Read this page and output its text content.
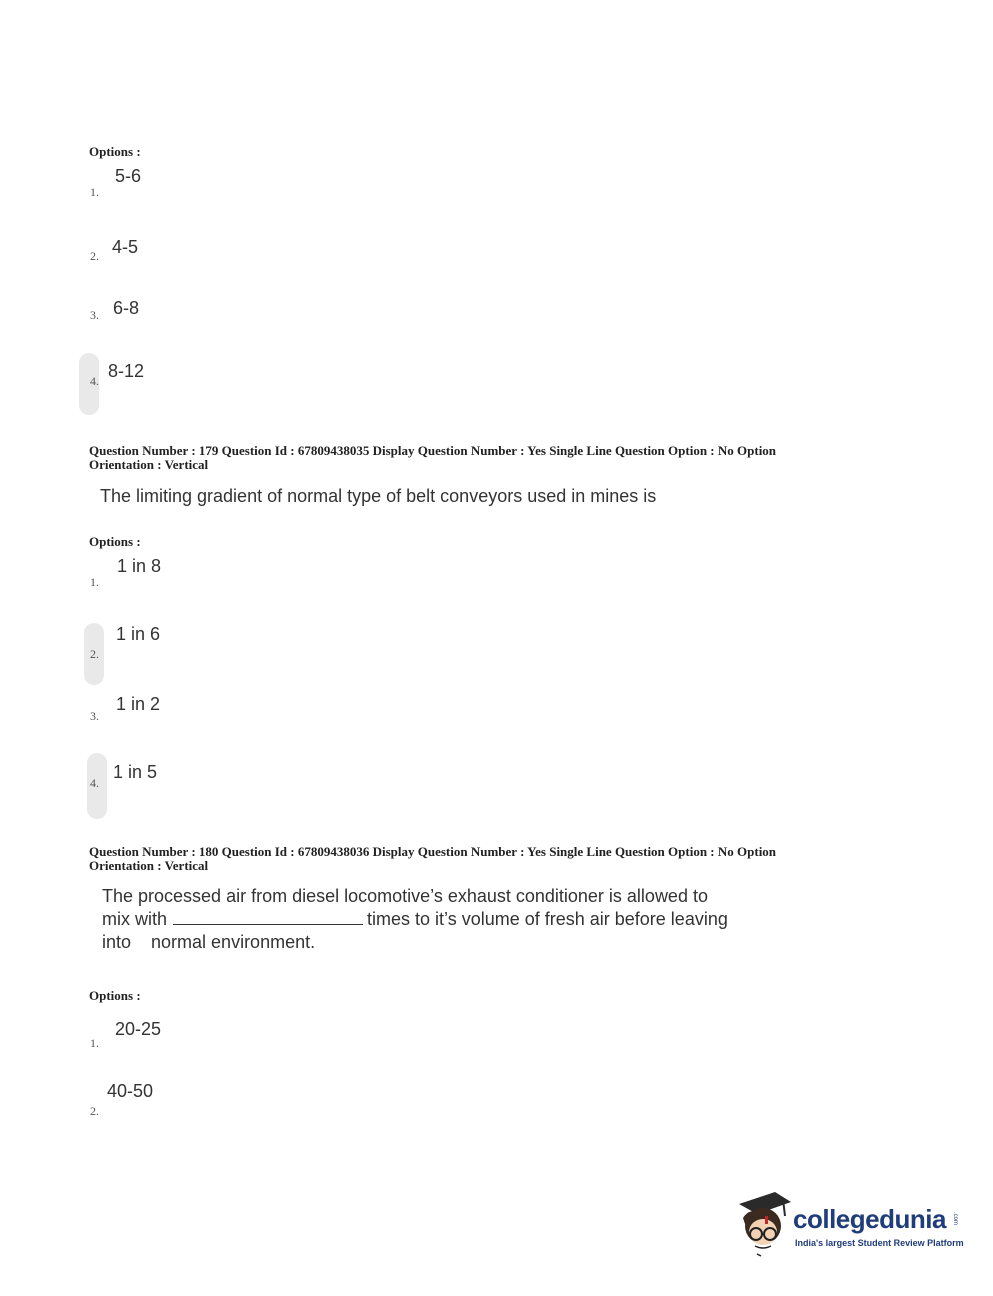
Options :
1.
5-6
2. 4-5
3. 6-8
4. 8-12
Question Number : 179 Question Id : 67809438035 Display Question Number : Yes Single Line Question Option : No Option
Orientation : Vertical
The limiting gradient of normal type of belt conveyors used in mines is
Options :
1.
1 in 8
2.
1 in 6
3.
1 in 2
4.
1 in 5
Question Number : 180 Question Id : 67809438036 Display Question Number : Yes Single Line Question Option : No Option
Orientation : Vertical
The processed air from diesel locomotive’s exhaust conditioner is allowed to
mix with	times to it’s volume of fresh air before leaving
into    normal environment.
Options :
1.
20-25
2.
40-50
collegedunia .com
India's largest Student Review Platform
